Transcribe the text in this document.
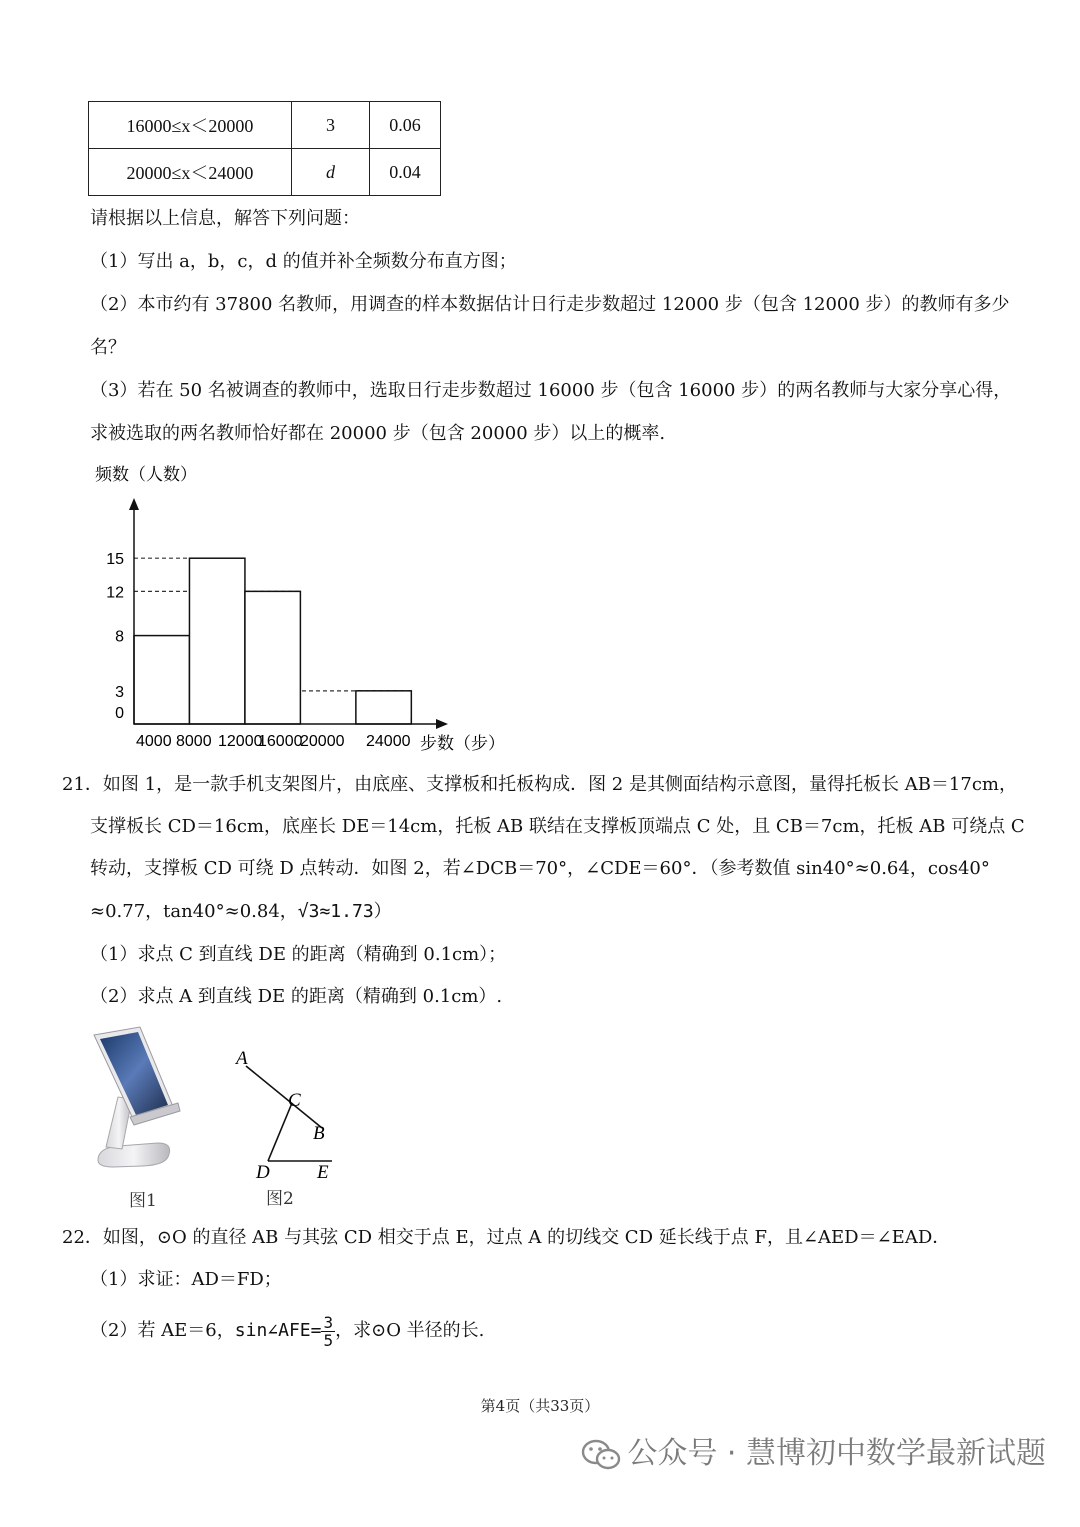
16000≤x＜20000	3	0.06
20000≤x＜24000	d	0.04
请根据以上信息，解答下列问题：
（1）写出 a，b，c，d 的值并补全频数分布直方图；
（2）本市约有 37800 名教师，用调查的样本数据估计日行走步数超过 12000 步（包含 12000 步）的教师有多少
名？
（3）若在 50 名被调查的教师中，选取日行走步数超过 16000 步（包含 16000 步）的两名教师与大家分享心得，
求被选取的两名教师恰好都在 20000 步（包含 20000 步）以上的概率.
频数（人数）
步数（步）
0
3
8
12
15
4000 8000 12000
16000
20000 24000
21．如图 1，是一款手机支架图片，由底座、支撑板和托板构成．图 2 是其侧面结构示意图，量得托板长 AB＝17cm，
支撑板长 CD＝16cm，底座长 DE＝14cm，托板 AB 联结在支撑板顶端点 C 处，且 CB＝7cm，托板 AB 可绕点 C
转动，支撑板 CD 可绕 D 点转动．如图 2，若∠DCB＝70°，∠CDE＝60°．（参考数值 sin40°≈0.64，cos40°
≈0.77，tan40°≈0.84，√3≈1.73）
（1）求点 C 到直线 DE 的距离（精确到 0.1cm）；
（2）求点 A 到直线 DE 的距离（精确到 0.1cm）.
图1
A
C
B
D E
图2
22．如图，⊙O 的直径 AB 与其弦 CD 相交于点 E，过点 A 的切线交 CD 延长线于点 F，且∠AED＝∠EAD．
（1）求证：AD＝FD；
（2）若 AE＝6，sin∠AFE= $\frac{3}{5}$ ，求⊙O 半径的长.
第4页（共33页）
公众号 · 慧博初中数学最新试题
